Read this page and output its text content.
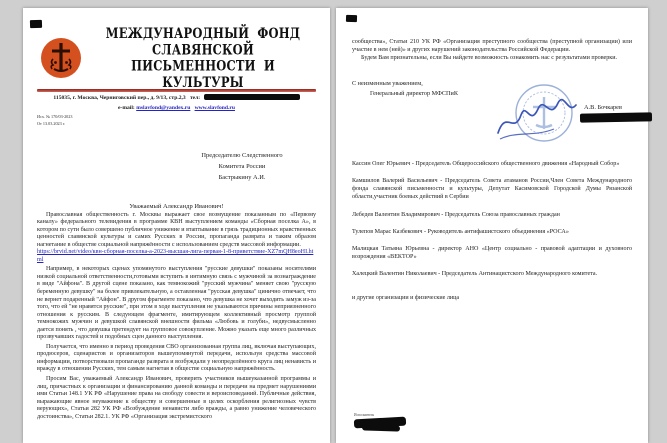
МЕЖДУНАРОДНЫЙ ФОНД СЛАВЯНСКОЙ
ПИСЬМЕННОСТИ И КУЛЬТУРЫ
115035, г. Москва, Черниговский пер., д. 9/13, стр.2,3 тел:
e-mail: mslavfond@yandex.ru www.slavfond.ru
Исх. № 170/03-2023
От 13.03.2023 г.
Председателю Следственного
Комитета России
Бастрыкину А.И.
Уважаемый Александр Иванович!

Православная общественность г. Москвы выражает свое возмущение показанным по «Первому каналу» федерального телевидения в программе КВН выступлением команды «Сборная поселка А», в котором по сути было совершено публичное унижение и втаптывание в грязь традиционных нравственных ценностей славянской культуры и самих Русских в России, пропаганда разврата и таким образом нагнетание в обществе социальной напряжённости с использованием средств массовой информации.

https://brvid.net/video/квн-сборная-поселка-а-2023-высшая-лига-первая-1-8-приветствие-XZ7mQH8eoHI.html

Например, в некоторых сценах упомянутого выступления "русские девушки" показаны носителями низкой социальной ответственности,готовыми вступить в интимную связь с мужчиной за вознаграждение в виде "Айфона". В другой сцене показано, как темнокожий "русский мужчина" меняет свою "русскую беременную девушку" на более привлекательную, а оставленная "русская девушка" цинично отвечает, что не вернет подаренный "Айфон". В другом фрагменте показано, что девушка не хочет выходить замуж из-за того, что ей "не нравятся русские", при этом в ходе выступления не указываются причины неприязненного отношения к русским. В следующем фрагменте, имитирующем коллективный просмотр группой темнокожих мужчин и девушкой славянской внешности фильма «Любовь и голуби», недвусмысленно дается понять , что девушка претендует на групповое совокупление. Можно указать еще много различных прозвучавших гадостей и подобных сцен данного выступления.

Получается, что именно в период проведения СВО организованная группа лиц, включая выступающих, продюсеров, сценаристов и организаторов вышеупомянутой передачи, используя средства массовой информации, потворствовали пропаганде разврата и возбуждали у неопределённого круга лиц ненависть и вражду в отношении Русских, тем самым нагнетая в обществе социальную напряжённость.

Просим Вас, уважаемый Александр Иванович, проверить участников вышеуказанной программы и лиц, причастных к организации и финансированию данной команды и передачи на предмет нарушениями ими Статьи 148.1 УК РФ «Нарушение права на свободу совести и вероисповеданий. Публичные действия, выражающие явное неуважение к обществу и совершенные в целях оскорбления религиозных чувств верующих», Статьи 282 УК РФ «Возбуждение ненависти либо вражды, а равно унижение человеческого достоинства», Статьи 282.1. УК РФ «Организация экстремистского

сообщества», Статьи 210 УК РФ «Организация преступного сообщества (преступной организации) или участие в нем (ней)» и других нарушений законодательства Российской Федерации.

Будем Вам признательны, если Вы найдете возможность ознакомить нас с результатами проверки.

С неизменным уважением,
Генеральный директор МФСПиК
А.В. Бочкарев

Кассин Олег Юрьевич - Председатель Общероссийского общественного движения «Народный Собор»

Камшилов Валерий Васильевич - Председатель Совета атаманов России,Член Совета Международного фонда славянской письменности и культуры, Депутат Касимовской Городской Думы Рязанской области,участник боевых действий в Сербии

Лебедев Валентин Владимирович - Председатель Союза православных граждан

Тулепов Марас Казбекович - Руководитель антифашистского объединения «РОСА»

Малицкая Татьяна Юрьевна - директор АНО «Центр социально - правовой адаптации и духовного возрождения «ВЕКТОР»

Халецкий Валентин Николаевич - Председатель Антинацистского Международного комитета.

и другие организации и физические лица

Исполнитель
